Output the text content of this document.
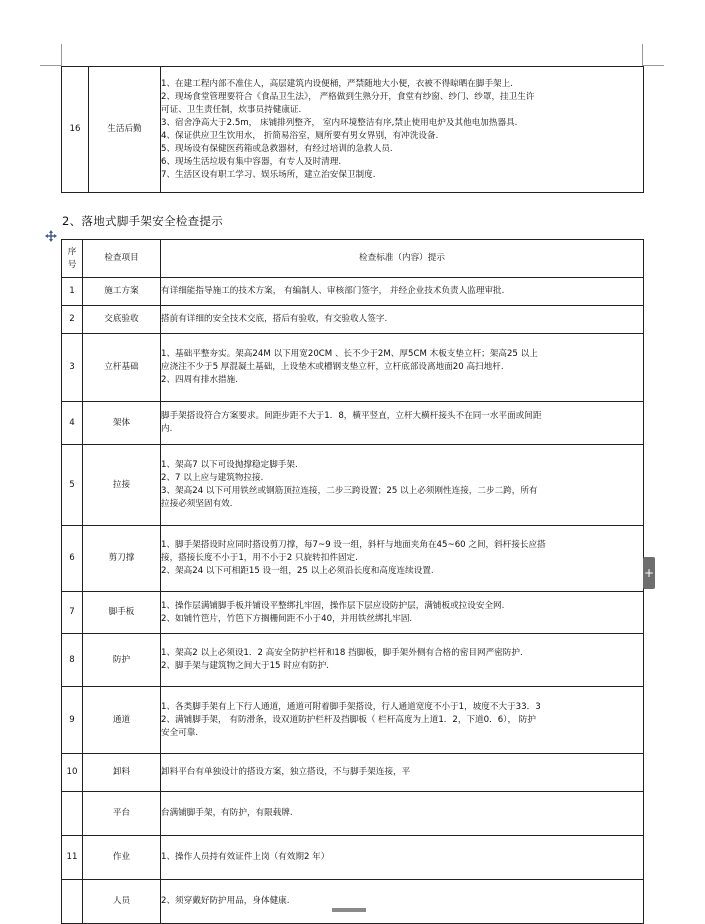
16	生活后勤	
1、在建工程内部不准住人，高层建筑内设便桶，严禁随地大小便，衣被不得晾晒在脚手架上.
2、现场食堂管理要符合《食品卫生法》， 严格做到生熟分开，食堂有纱窗、纱门、纱罩，挂卫生许
可证、卫生责任制，炊事员持健康证.
3、宿舍净高大于2.5m， 床铺排列整齐， 室内环境整洁有序,禁止使用电炉及其他电加热器具.
4、保证供应卫生饮用水， 折简易浴室，厕所要有男女界别，有冲洗设备.
5、现场设有保健医药箱或急救器材，有经过培训的急救人员.
6、现场生活垃圾有集中容器，有专人及时清理.
7、生活区设有职工学习、娱乐场所，建立治安保卫制度.
2、落地式脚手架安全检查提示
序
号	检查项目	检查标准（内容）提示
1	施工方案	有详细能指导施工的技术方案， 有编制人、审核部门签字， 并经企业技术负责人监理审批.

2	交底验收	搭前有详细的安全技术交底，搭后有验收，有交验收人签字.

3	立杆基础	1、基础平整夯实。架高24M 以下用宽20CM 、长不少于2M、厚5CM 木板支垫立杆；架高25 以上
应浇注不少于5 厚混凝土基础，上设垫木或槽钢支垫立杆，立杆底部设离地面20 高扫地杆.
2、四周有排水措施.

4	架体	脚手架搭设符合方案要求。间距步距不大于1．8，横平竖直，立杆大横杆接头不在同一水平面或间距
内.

5	拉接	1、架高7 以下可设抛撑稳定脚手架.
2、7 以上应与建筑物拉接.
3、架高24 以下可用铁丝或钢筋顶拉连接，二步三跨设置；25 以上必须刚性连接，二步二跨，所有
拉接必须坚固有效.

6	剪刀撑	1、脚手架搭设时应同时搭设剪刀撑，每7~9 设一组，斜杆与地面夹角在45~60 之间，斜杆接长应搭
接，搭接长度不小于1，用不小于2 只旋转扣件固定.
2、架高24 以下可相距15 设一组，25 以上必须沿长度和高度连续设置.

7	脚手板	1、操作层满铺脚手板并铺设平整绑扎牢固，操作层下层应设防护层，满铺板或拉设安全网.
2、如铺竹笆片，竹笆下方搁栅间距不小于40，并用铁丝绑扎牢固.

8	防护	1、架高2 以上必须设1．2 高安全防护栏杆和18 挡脚板，脚手架外侧有合格的密目网严密防护.
2、脚手架与建筑物之间大于15 时应有防护.

9	通道	1、各类脚手架有上下行人通道，通道可附着脚手架搭设，行人通道宽度不小于1，坡度不大于33．3
2、满铺脚手架， 有防滑条，设双道防护栏杆及挡脚板（ 栏杆高度为上道1．2，下道0．6）， 防护
安全可靠.

10	卸料	卸料平台有单独设计的搭设方案，独立搭设，不与脚手架连接，平

	平台	台满铺脚手架，有防护，有限载牌.

11	作业	1、操作人员持有效证件上岗（有效期2 年）

	人员	2、须穿戴好防护用品，身体健康.
+
